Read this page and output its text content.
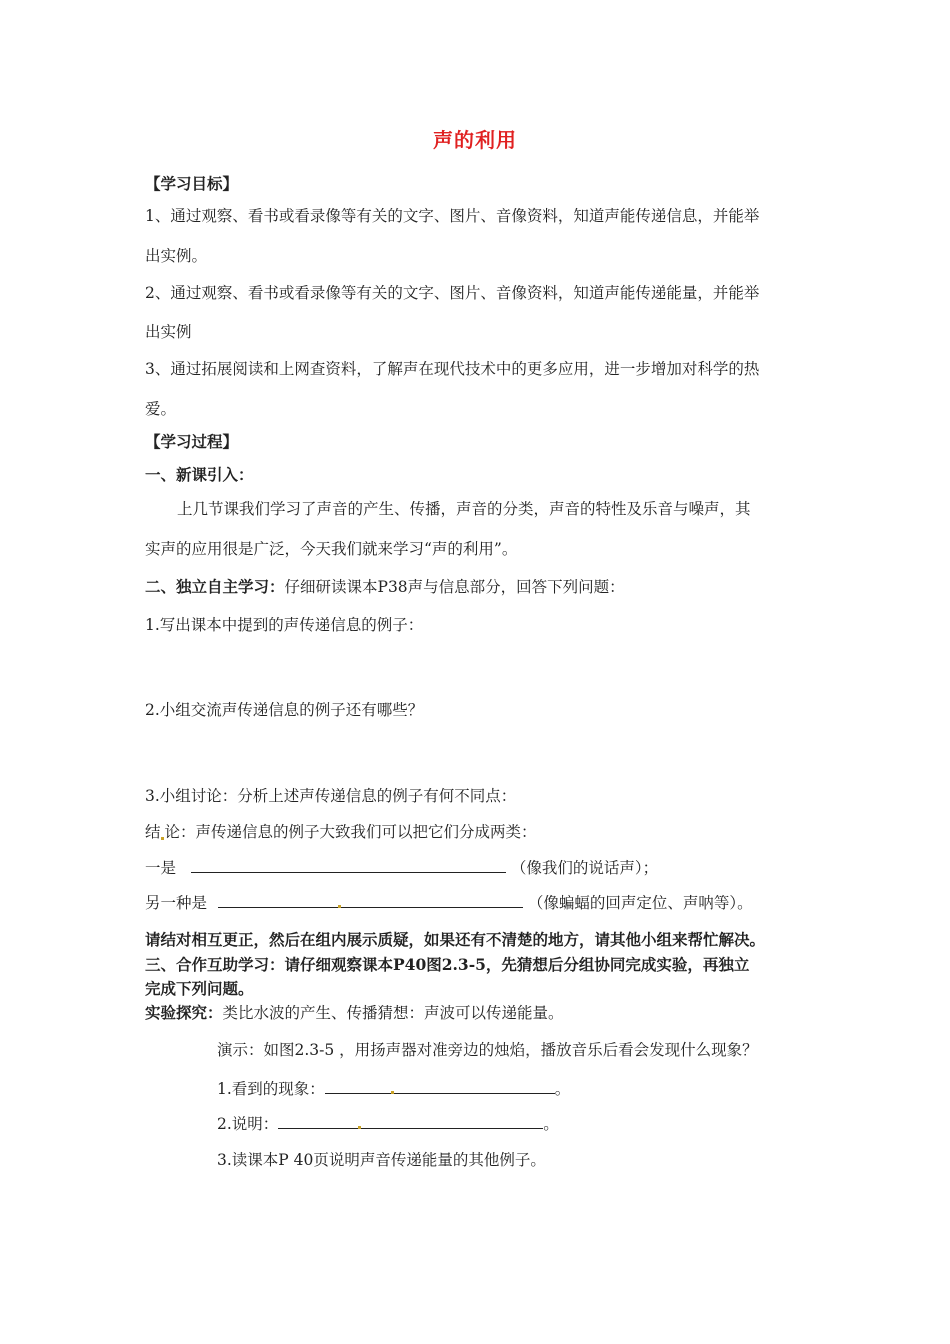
声的利用
【学习目标】
1、通过观察、看书或看录像等有关的文字、图片、音像资料，知道声能传递信息，并能举
出实例。
2、通过观察、看书或看录像等有关的文字、图片、音像资料，知道声能传递能量，并能举
出实例
3、通过拓展阅读和上网查资料，了解声在现代技术中的更多应用，进一步增加对科学的热
爱。
【学习过程】
一、新课引入：
上几节课我们学习了声音的产生、传播，声音的分类，声音的特性及乐音与噪声，其
实声的应用很是广泛，今天我们就来学习“声的利用”。
二、独立自主学习：仔细研读课本P38声与信息部分，回答下列问题：
1.写出课本中提到的声传递信息的例子：
2.小组交流声传递信息的例子还有哪些？
3.小组讨论：分析上述声传递信息的例子有何不同点：
结 论：声传递信息的例子大致我们可以把它们分成两类：
一是	（像我们的说话声）；
另一种是	（像蝙蝠的回声定位、声呐等）。
请结对相互更正，然后在组内展示质疑，如果还有不清楚的地方，请其他小组来帮忙解决。
三、合作互助学习：请仔细观察课本P40图2.3-5，先猜想后分组协同完成实验，再独立
完成下列问题。
实验探究：类比水波的产生、传播猜想：声波可以传递能量。
演示：如图2.3-5 ，用扬声器对准旁边的烛焰，播放音乐后看会发现什么现象？
1.看到的现象：	。
2.说明：	。
3.读课本P 40页说明声音传递能量的其他例子。
